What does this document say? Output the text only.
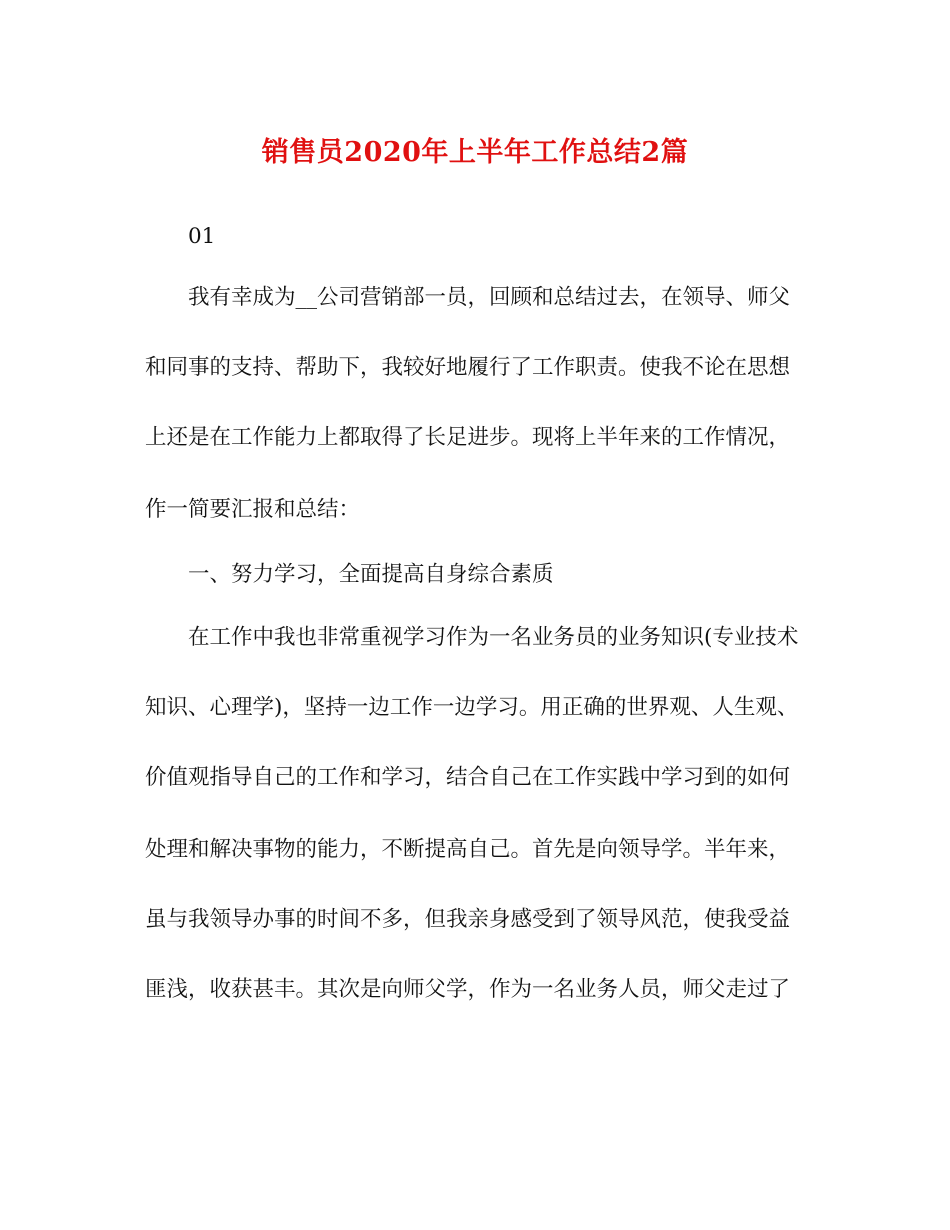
销售员2020年上半年工作总结2篇
01
我有幸成为__公司营销部一员，回顾和总结过去，在领导、师父
和同事的支持、帮助下，我较好地履行了工作职责。使我不论在思想
上还是在工作能力上都取得了长足进步。现将上半年来的工作情况，
作一简要汇报和总结：
一、努力学习，全面提高自身综合素质
在工作中我也非常重视学习作为一名业务员的业务知识(专业技术
知识、心理学)，坚持一边工作一边学习。用正确的世界观、人生观、
价值观指导自己的工作和学习，结合自己在工作实践中学习到的如何
处理和解决事物的能力，不断提高自己。首先是向领导学。半年来，
虽与我领导办事的时间不多，但我亲身感受到了领导风范，使我受益
匪浅，收获甚丰。其次是向师父学，作为一名业务人员，师父走过了
